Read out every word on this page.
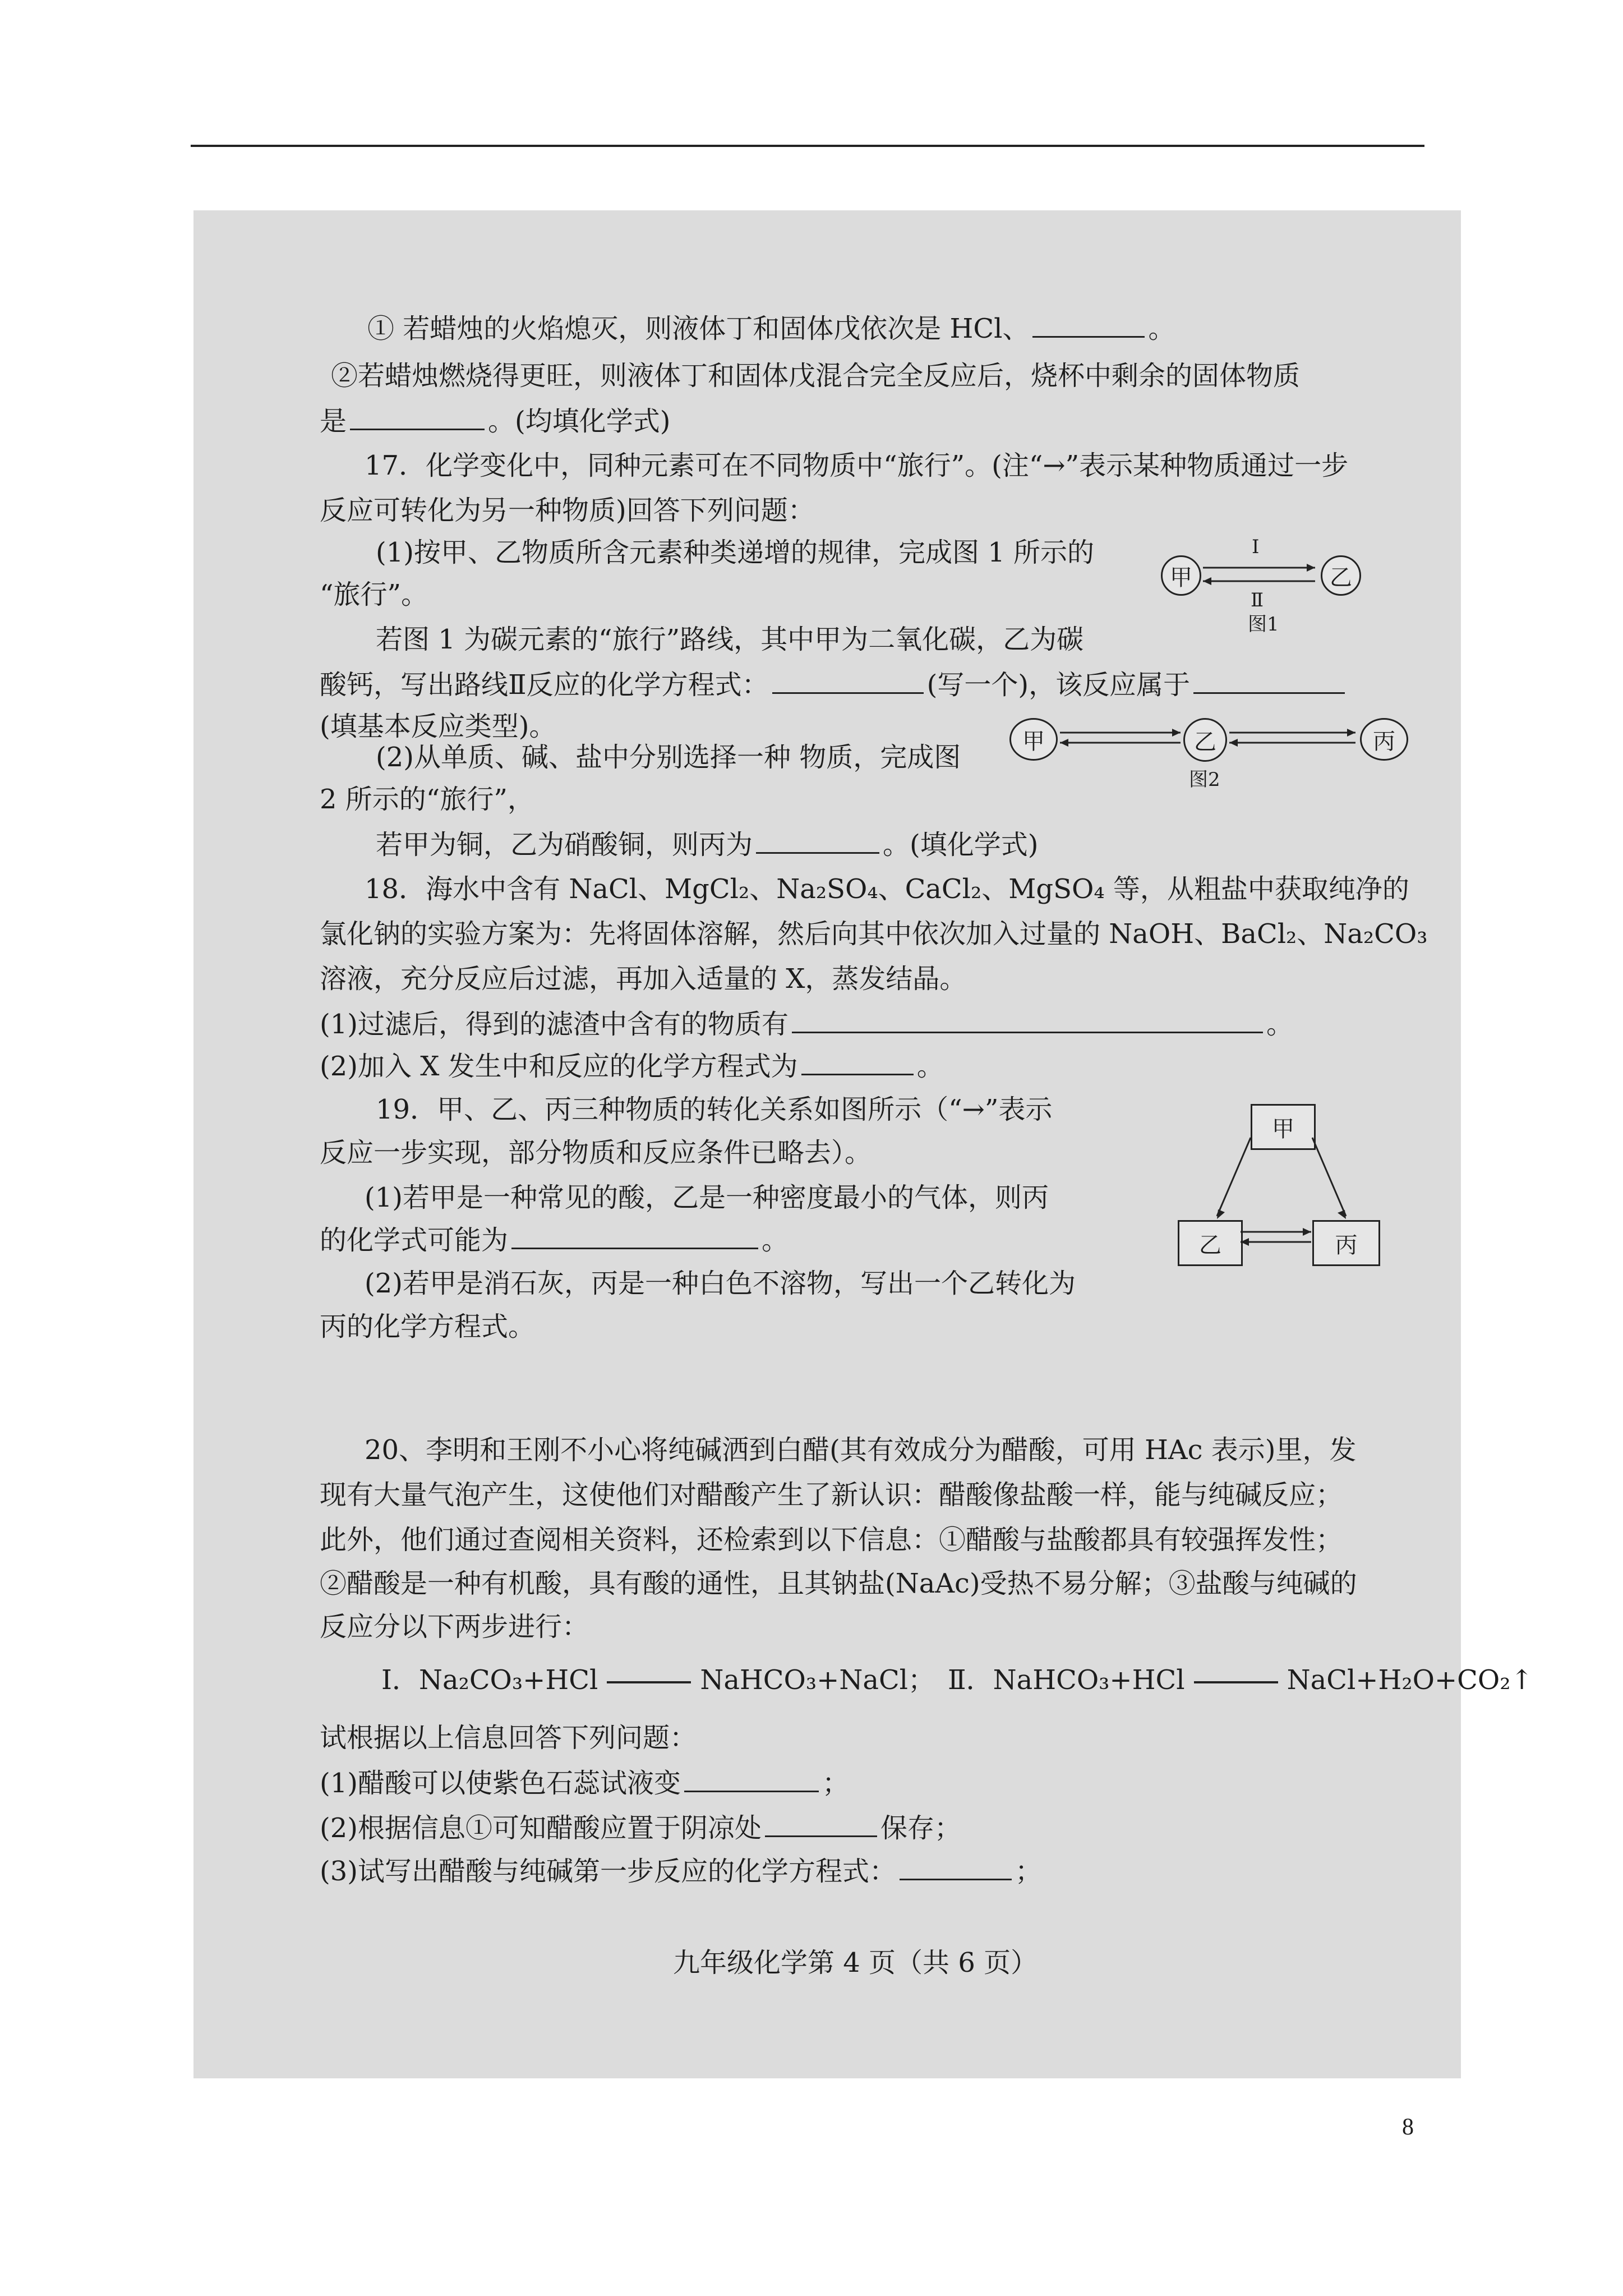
① 若蜡烛的火焰熄灭，则液体丁和固体戊依次是 HCl、	。
②若蜡烛燃烧得更旺，则液体丁和固体戊混合完全反应后，烧杯中剩余的固体物质
是	。(均填化学式)
17．化学变化中，同种元素可在不同物质中“旅行”。(注“→”表示某种物质通过一步
反应可转化为另一种物质)回答下列问题：
(1)按甲、乙物质所含元素种类递增的规律，完成图 1 所示的
“旅行”。
甲	乙
Ⅰ
Ⅱ
图1
若图 1 为碳元素的“旅行”路线，其中甲为二氧化碳，乙为碳
酸钙，写出路线Ⅱ反应的化学方程式：	(写一个)，该反应属于
(填基本反应类型)。	甲	乙	丙
图2
(2)从单质、碱、盐中分别选择一种 物质，完成图
2 所示的“旅行”，
若甲为铜，乙为硝酸铜，则丙为	。(填化学式)
18．海水中含有 NaCl、MgCl₂、Na₂SO₄、CaCl₂、MgSO₄ 等，从粗盐中获取纯净的
氯化钠的实验方案为：先将固体溶解，然后向其中依次加入过量的 NaOH、BaCl₂、Na₂CO₃
溶液，充分反应后过滤，再加入适量的 X，蒸发结晶。
(1)过滤后，得到的滤渣中含有的物质有	。
(2)加入 X 发生中和反应的化学方程式为	。
19．甲、乙、丙三种物质的转化关系如图所示（“→”表示
反应一步实现，部分物质和反应条件已略去）。
(1)若甲是一种常见的酸，乙是一种密度最小的气体，则丙
的化学式可能为	。
(2)若甲是消石灰，丙是一种白色不溶物，写出一个乙转化为
丙的化学方程式。
甲
乙	丙
20、李明和王刚不小心将纯碱洒到白醋(其有效成分为醋酸，可用 HAc 表示)里，发
现有大量气泡产生，这使他们对醋酸产生了新认识：醋酸像盐酸一样，能与纯碱反应；
此外，他们通过查阅相关资料，还检索到以下信息：①醋酸与盐酸都具有较强挥发性；
②醋酸是一种有机酸，具有酸的通性，且其钠盐(NaAc)受热不易分解；③盐酸与纯碱的
反应分以下两步进行：
Ⅰ．Na₂CO₃+HCl	NaHCO₃+NaCl； Ⅱ．NaHCO₃+HCl	NaCl+H₂O+CO₂↑
试根据以上信息回答下列问题：
(1)醋酸可以使紫色石蕊试液变	；
(2)根据信息①可知醋酸应置于阴凉处	保存；
(3)试写出醋酸与纯碱第一步反应的化学方程式：	；
九年级化学第 4 页（共 6 页）
8
